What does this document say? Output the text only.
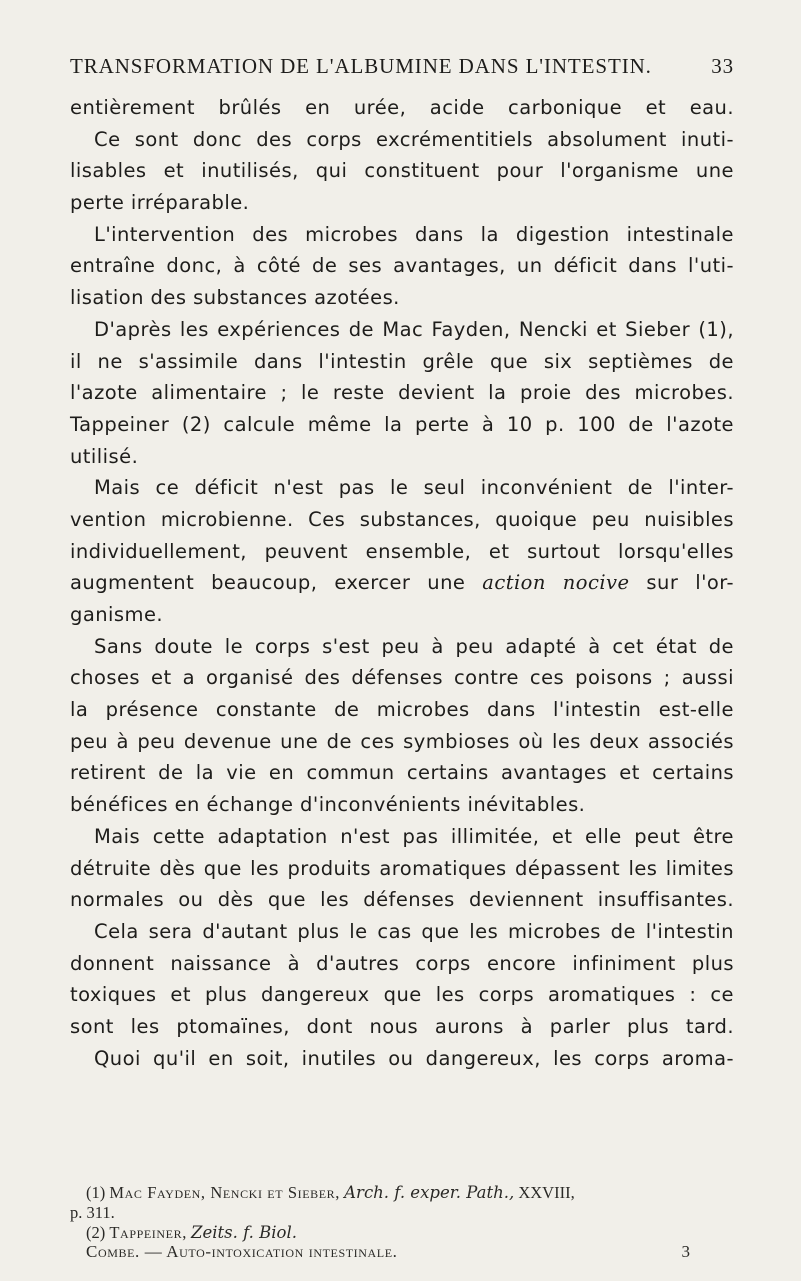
TRANSFORMATION DE L'ALBUMINE DANS L'INTESTIN.	33
entièrement brûlés en urée, acide carbonique et eau.
Ce sont donc des corps excrémentitiels absolument inuti-
lisables et inutilisés, qui constituent pour l'organisme une
perte irréparable.
L'intervention des microbes dans la digestion intestinale
entraîne donc, à côté de ses avantages, un déficit dans l'uti-
lisation des substances azotées.
D'après les expériences de Mac Fayden, Nencki et Sieber (1),
il ne s'assimile dans l'intestin grêle que six septièmes de
l'azote alimentaire ; le reste devient la proie des microbes.
Tappeiner (2) calcule même la perte à 10 p. 100 de l'azote
utilisé.
Mais ce déficit n'est pas le seul inconvénient de l'inter-
vention microbienne. Ces substances, quoique peu nuisibles
individuellement, peuvent ensemble, et surtout lorsqu'elles
augmentent beaucoup, exercer une action nocive sur l'or-
ganisme.
Sans doute le corps s'est peu à peu adapté à cet état de
choses et a organisé des défenses contre ces poisons ; aussi
la présence constante de microbes dans l'intestin est-elle
peu à peu devenue une de ces symbioses où les deux associés
retirent de la vie en commun certains avantages et certains
bénéfices en échange d'inconvénients inévitables.
Mais cette adaptation n'est pas illimitée, et elle peut être
détruite dès que les produits aromatiques dépassent les limites
normales ou dès que les défenses deviennent insuffisantes.
Cela sera d'autant plus le cas que les microbes de l'intestin
donnent naissance à d'autres corps encore infiniment plus
toxiques et plus dangereux que les corps aromatiques : ce
sont les ptomaïnes, dont nous aurons à parler plus tard.
Quoi qu'il en soit, inutiles ou dangereux, les corps aroma-
(1) Mac Fayden, Nencki et Sieber, Arch. f. exper. Path., XXVIII,
p. 311.
(2) Tappeiner, Zeits. f. Biol.
Combe. — Auto-intoxication intestinale.	3
